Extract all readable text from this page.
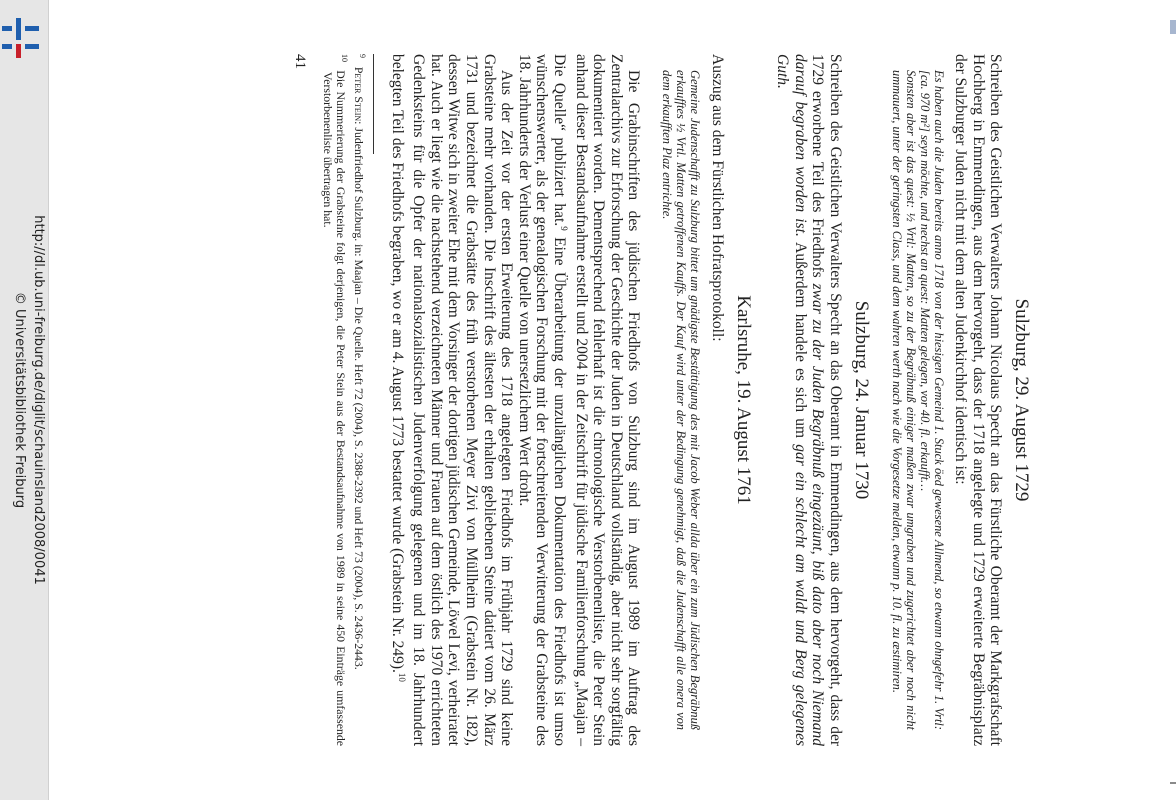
http://dl.ub.uni-freiburg.de/diglit/schauinsland2008/0041
© Universitätsbibliothek Freiburg	Sulzburg, 29. August 1729

Schreiben des Geistlichen Verwalters Johann Nicolaus Specht an das Fürstliche Oberamt der Markgrafschaft Hochberg in Emmendingen, aus dem hervorgeht, dass der 1718 angelegte und 1729 erweiterte Begräbnisplatz der Sulzburger Juden nicht mit dem alten Judenkirchhof identisch ist:

Es haben auch die Juden bereits anno 1718 von der hiesigen Gemeind 1. Stuck öed gewesene Allmend, so etwann ohngefehr 1. Vrtl: [ca. 970 m²] seyn möchte, und nechst an quest: Matten gelegen, vor 40. fl. erkaufft…

Sonsten aber ist das quest: ½ Vrtl: Matten, so zu der Begräbnuß einiger maßen zwar umgraben und zugerichtet aber noch nicht ummauert, unter der geringsten Class, und dem wahren werth nach wie die Vorgesetze melden, etwann p. 10. fl. zu æstimiren.

Sulzburg, 24. Januar 1730

Schreiben des Geistlichen Verwalters Specht an das Oberamt in Emmendingen, aus dem hervorgeht, dass der 1729 erworbene Teil des Friedhofs zwar zu der Juden Begräbnuß eingezäunt, biß dato aber noch Niemand darauf begraben worden ist. Außerdem handele es sich um gar ein schlecht am waldt und Berg gelegenes Guth.

Karlsruhe, 19. August 1761

Auszug aus dem Fürstlichen Hofratsprotokoll:

Gemeine Judenschafft zu Sulzburg bittet um gnädigste Bestättigung des mit Jacob Weber allda über ein zum Jüdischen Begräbnuß erkaufftes ½ Vrtl. Matten getroffenen Kauffs. Der Kauf wird unter der Bedingung genehmigt, daß die Judenschafft alle onera von dem erkaufften Plaz entrichte.

Die Grabinschriften des jüdischen Friedhofs von Sulzburg sind im August 1989 im Auftrag des Zentralarchivs zur Erforschung der Geschichte der Juden in Deutschland vollständig, aber nicht sehr sorgfältig dokumentiert worden. Dementsprechend fehlerhaft ist die chronologische Verstorbenenliste, die Peter Stein anhand dieser Bestandsaufnahme erstellt und 2004 in der Zeitschrift für jüdische Familienforschung „Maajan – Die Quelle“ publiziert hat.$^9$ Eine Überarbeitung der unzulänglichen Dokumentation des Friedhofs ist umso wünschenswerter, als der genealogischen Forschung mit der fortschreitenden Verwitterung der Grabsteine des 18. Jahrhunderts der Verlust einer Quelle von unersetzlichem Wert droht.

Aus der Zeit vor der ersten Erweiterung des 1718 angelegten Friedhofs im Frühjahr 1729 sind keine Grabsteine mehr vorhanden. Die Inschrift des ältesten der erhalten gebliebenen Steine datiert vom 26. März 1731 und bezeichnet die Grabstätte des früh verstorbenen Meyer Zivi von Müllheim (Grabstein Nr. 182), dessen Witwe sich in zweiter Ehe mit dem Vorsinger der dortigen jüdischen Gemeinde, Löwel Levi, verheiratet hat. Auch er liegt wie die nachstehend verzeichneten Männer und Frauen auf dem östlich des 1970 errichteten Gedenksteins für die Opfer der nationalsozialistischen Judenverfolgung gelegenen und im 18. Jahrhundert belegten Teil des Friedhofs begraben, wo er am 4. August 1773 bestattet wurde (Grabstein Nr. 249).$^{10}$

$^9$   Peter Stein: Judenfriedhof Sulzburg. in: Maajan – Die Quelle. Heft 72 (2004), S. 2388-2392 und Heft 73 (2004), S. 2436-2443.
$^{10}$  Die Nummerierung der Grabsteine folgt derjenigen, die Peter Stein aus der Bestandsaufnahme von 1989 in seine 450 Einträge umfassende Verstorbenenliste übertragen hat.
41
